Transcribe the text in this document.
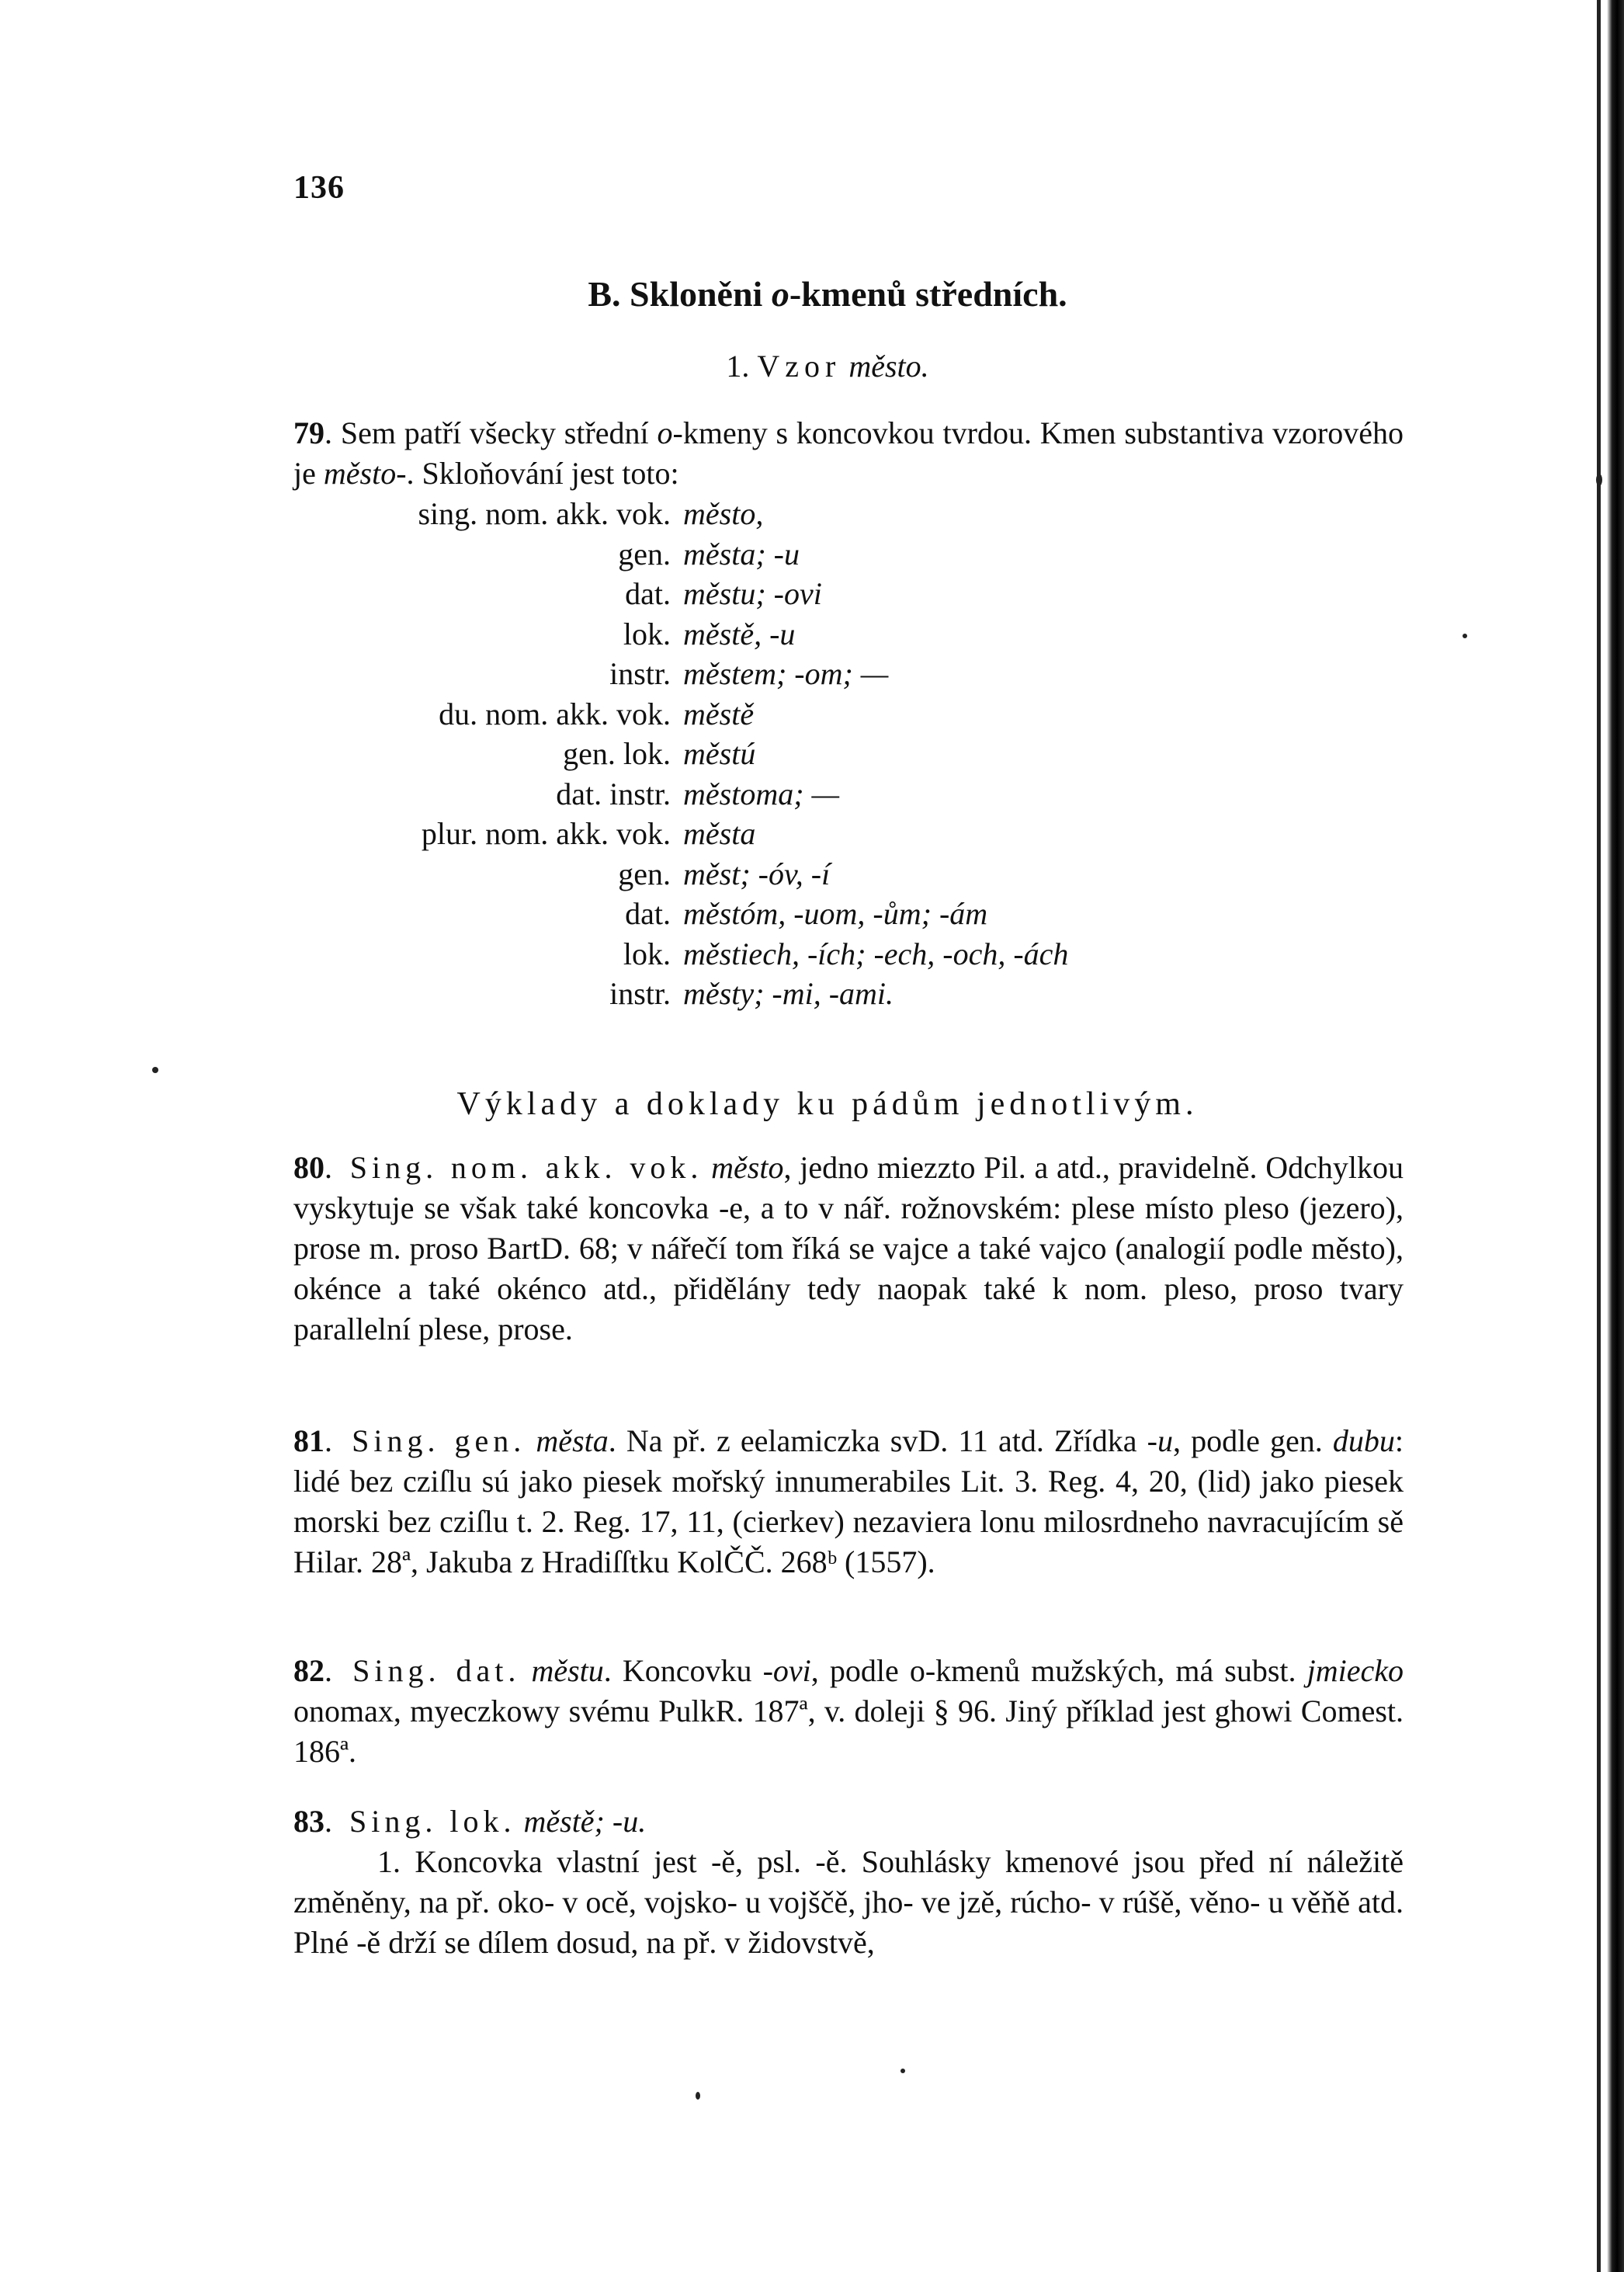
136
B. Skloněni o-kmenů středních.
1. Vzor město.
79. Sem patří všecky střední o-kmeny s koncovkou tvrdou. Kmen substantiva vzorového je město-. Skloňování jest toto:
sing. nom. akk. vok. město,
gen. města; -u
dat. městu; -ovi
lok. městě, -u
instr. městem; -om; —
du. nom. akk. vok. městě
gen. lok. městú
dat. instr. městoma; —
plur. nom. akk. vok. města
gen. měst; -óv, -í
dat. městóm, -uom, -ům; -ám
lok. městiech, -ích; -ech, -och, -ách
instr. městy; -mi, -ami.
Výklady a doklady ku pádům jednotlivým.
80. Sing. nom. akk. vok. město, jedno miezzto Pil. a atd., pravidelně. Odchylkou vyskytuje se však také koncovka -e, a to v nář. rožnovském: plese místo pleso (jezero), prose m. proso BartD. 68; v nářečí tom říká se vajce a také vajco (analogií podle město), okénce a také okénco atd., přidělány tedy naopak také k nom. pleso, proso tvary parallelní plese, prose.
81. Sing. gen. města. Na př. z eelamiczka svD. 11 atd. Zřídka -u, podle gen. dubu: lidé bez cziſlu sú jako piesek mořský innumerabiles Lit. 3. Reg. 4, 20, (lid) jako piesek morski bez cziſlu t. 2. Reg. 17, 11, (cierkev) nezaviera lonu milosrdneho navracujícím sě Hilar. 28ª, Jakuba z Hradiſſtku KolČČ. 268ᵇ (1557).
82. Sing. dat. městu. Koncovku -ovi, podle o-kmenů mužských, má subst. jmiecko onomax, myeczkowy svému PulkR. 187ª, v. doleji § 96. Jiný příklad jest ghowi Comest. 186ª.
83. Sing. lok. městě; -u.
1. Koncovka vlastní jest -ě, psl. -ě. Souhlásky kmenové jsou před ní náležitě změněny, na př. oko- v ocě, vojsko- u vojščě, jho- ve jzě, rúcho- v rúšě, věno- u věňě atd. Plné -ě drží se dílem dosud, na př. v židovstvě,
